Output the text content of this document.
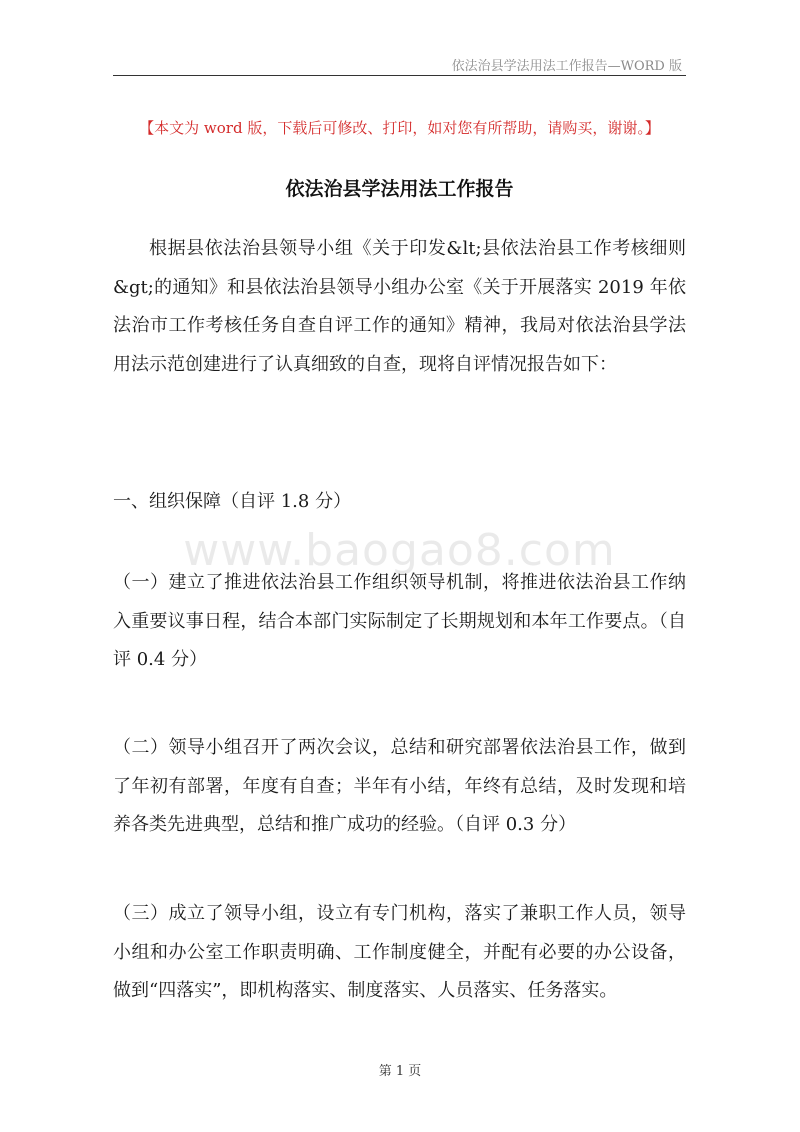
依法治县学法用法工作报告—WORD 版
【本文为 word 版，下载后可修改、打印，如对您有所帮助，请购买，谢谢。】
依法治县学法用法工作报告

根据县依法治县领导小组《关于印发&lt;县依法治县工作考核细则&gt;的通知》和县依法治县领导小组办公室《关于开展落实 2019 年依法治市工作考核任务自查自评工作的通知》精神，我局对依法治县学法用法示范创建进行了认真细致的自查，现将自评情况报告如下：

一、组织保障（自评 1.8 分）

www.baogao8.com

（一）建立了推进依法治县工作组织领导机制，将推进依法治县工作纳入重要议事日程，结合本部门实际制定了长期规划和本年工作要点。（自评 0.4 分）

（二）领导小组召开了两次会议，总结和研究部署依法治县工作，做到了年初有部署，年度有自查；半年有小结，年终有总结，及时发现和培养各类先进典型，总结和推广成功的经验。（自评 0.3 分）

（三）成立了领导小组，设立有专门机构，落实了兼职工作人员，领导小组和办公室工作职责明确、工作制度健全，并配有必要的办公设备，做到“四落实”，即机构落实、制度落实、人员落实、任务落实。

第 1 页
